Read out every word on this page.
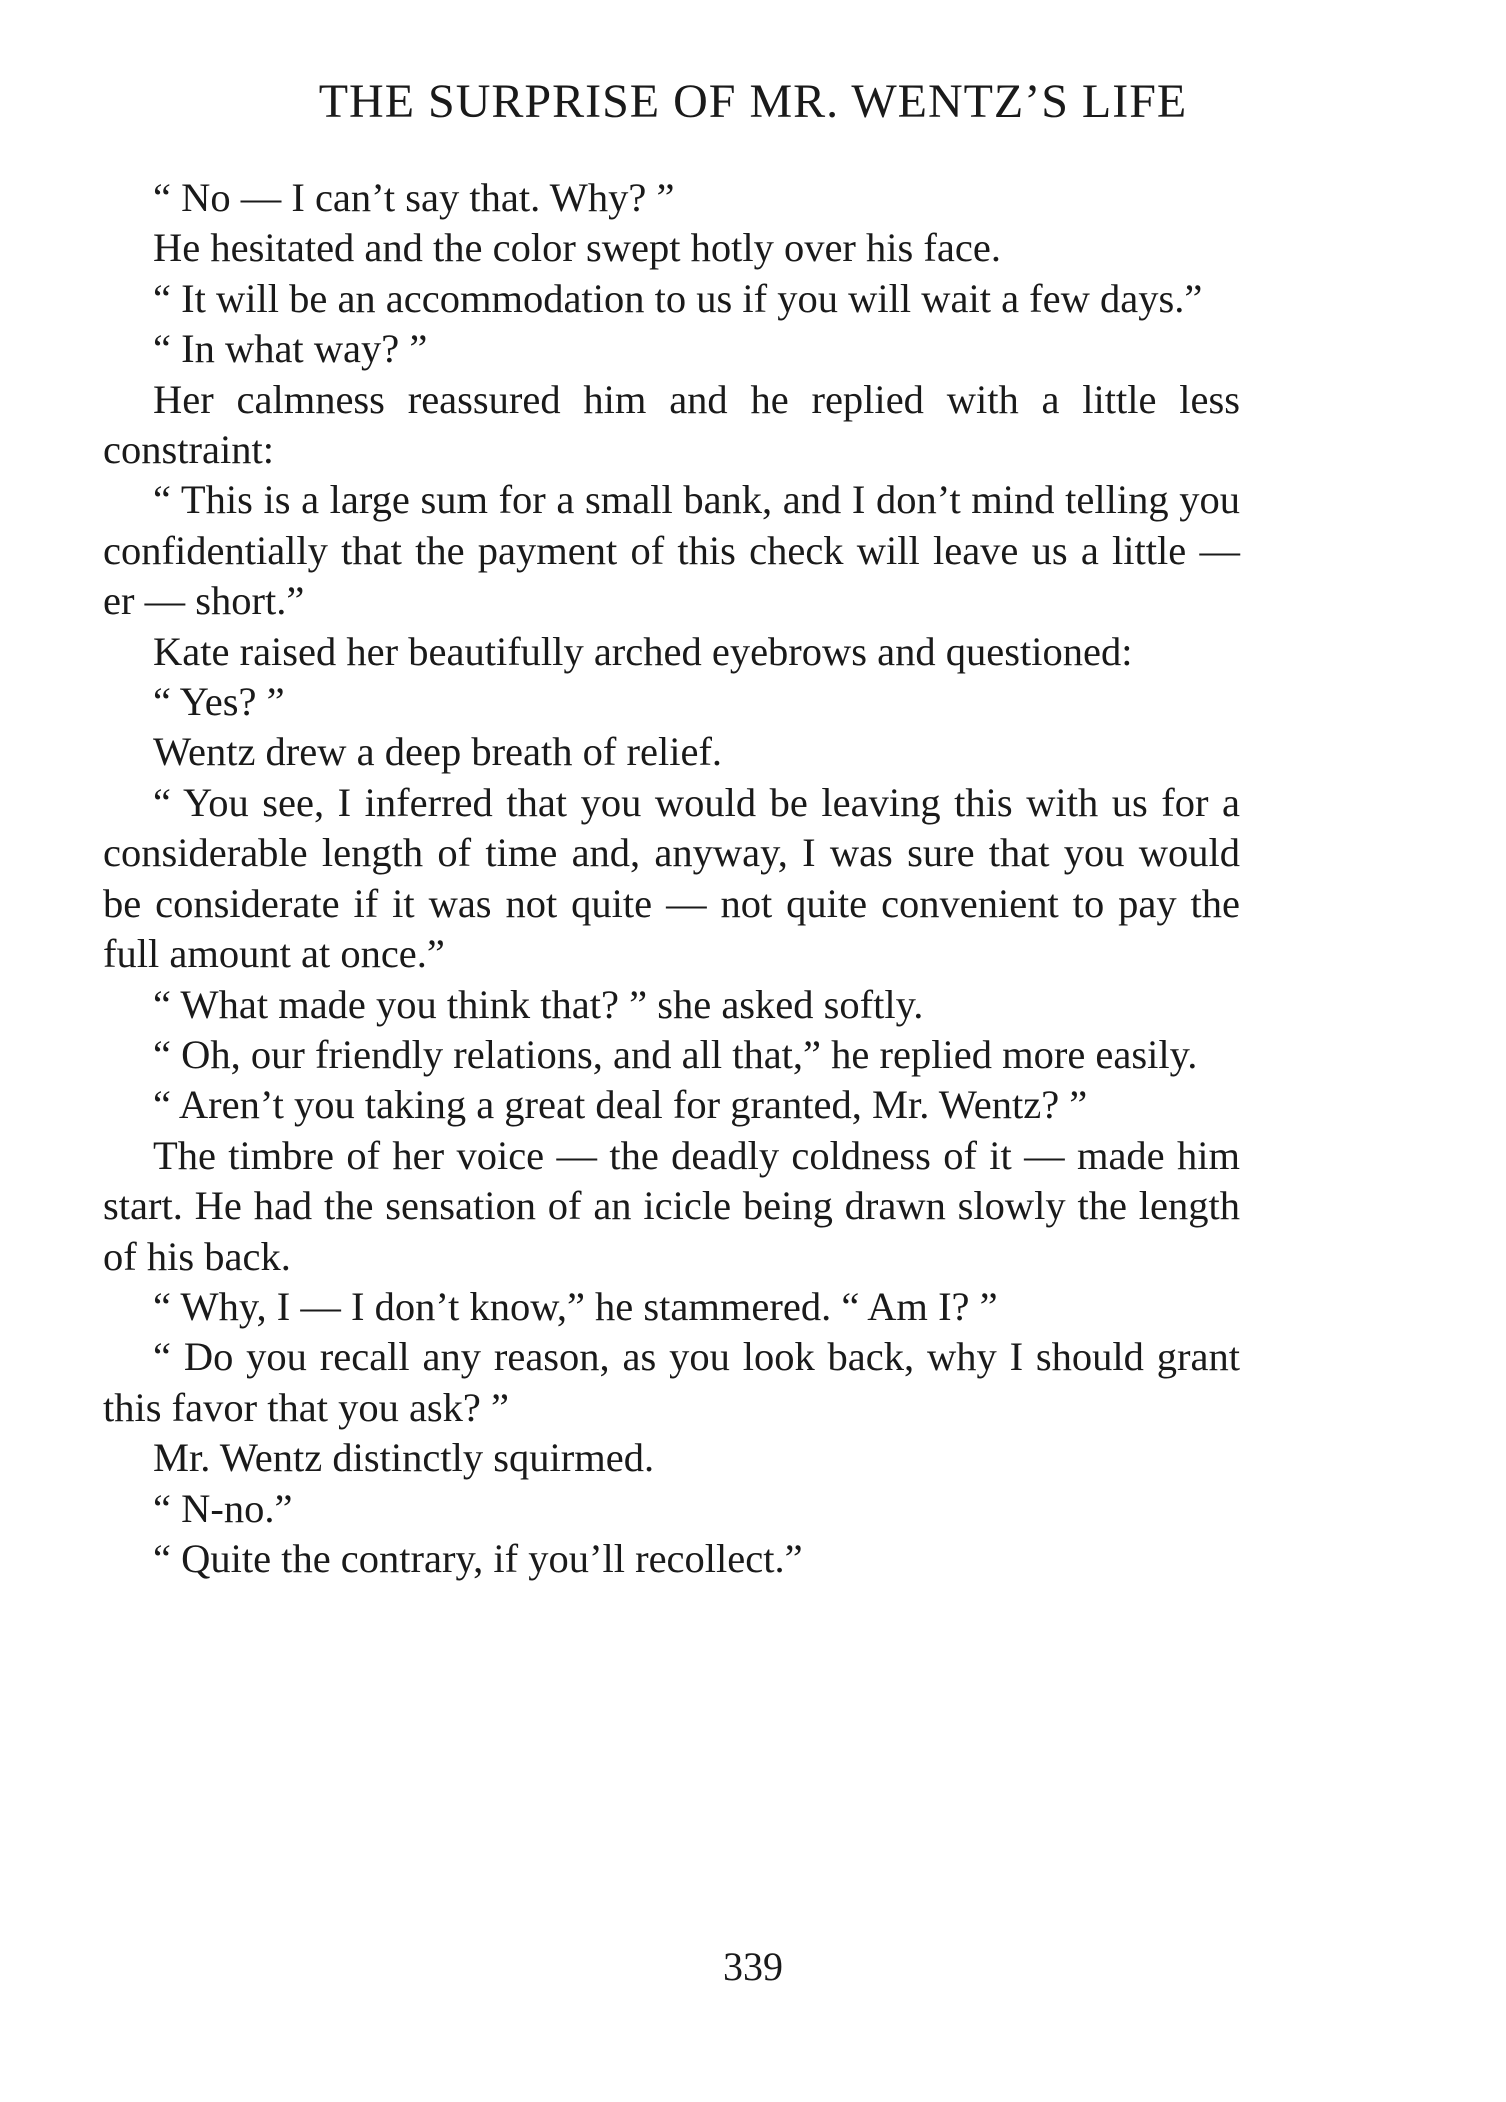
THE SURPRISE OF MR. WENTZ’S LIFE

“ No — I can’t say that. Why? ”

He hesitated and the color swept hotly over his face.

“ It will be an accommodation to us if you will wait a few days.”

“ In what way? ”

Her calmness reassured him and he replied with a little less constraint:

“ This is a large sum for a small bank, and I don’t mind telling you confidentially that the payment of this check will leave us a little — er — short.”

Kate raised her beautifully arched eyebrows and questioned:

“ Yes? ”

Wentz drew a deep breath of relief.

“ You see, I inferred that you would be leaving this with us for a considerable length of time and, anyway, I was sure that you would be considerate if it was not quite — not quite convenient to pay the full amount at once.”

“ What made you think that? ” she asked softly.

“ Oh, our friendly relations, and all that,” he replied more easily.

“ Aren’t you taking a great deal for granted, Mr. Wentz? ”

The timbre of her voice — the deadly coldness of it — made him start. He had the sensation of an icicle being drawn slowly the length of his back.

“ Why, I — I don’t know,” he stammered. “ Am I? ”

“ Do you recall any reason, as you look back, why I should grant this favor that you ask? ”

Mr. Wentz distinctly squirmed.

“ N-no.”

“ Quite the contrary, if you’ll recollect.”

339
